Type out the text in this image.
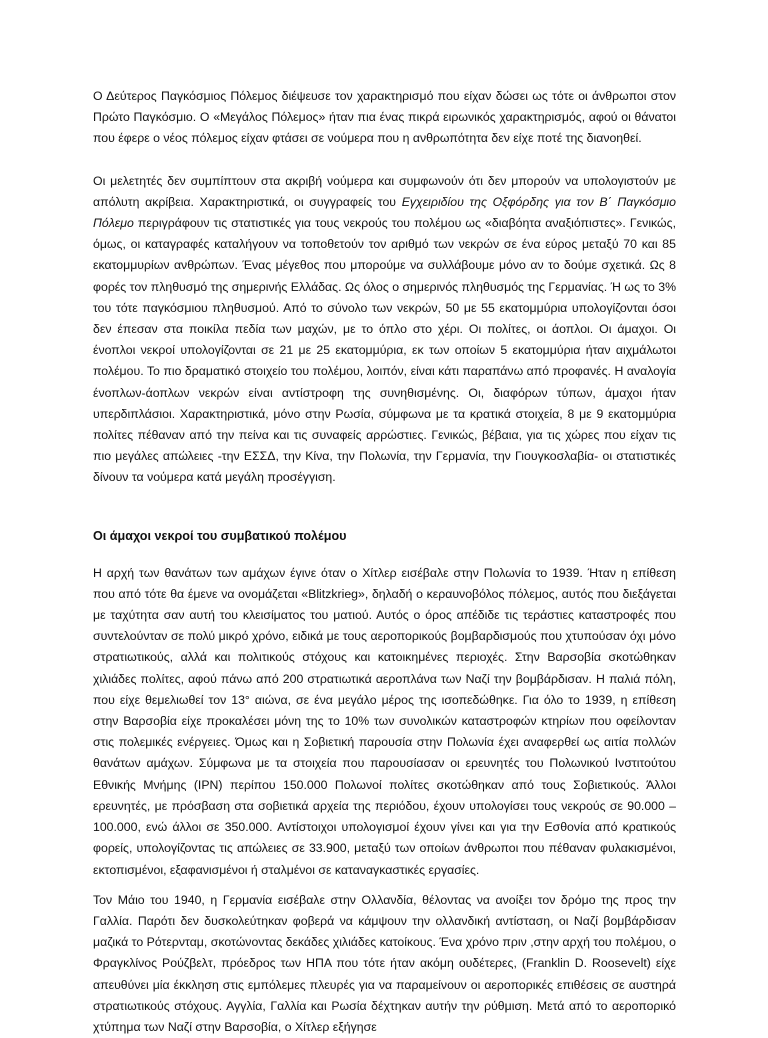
Ο Δεύτερος Παγκόσμιος Πόλεμος διέψευσε τον χαρακτηρισμό που είχαν δώσει ως τότε οι άνθρωποι στον Πρώτο Παγκόσμιο. Ο «Μεγάλος Πόλεμος» ήταν πια ένας πικρά ειρωνικός χαρακτηρισμός, αφού οι θάνατοι που έφερε ο νέος πόλεμος είχαν φτάσει σε νούμερα που η ανθρωπότητα δεν είχε ποτέ της διανοηθεί.

Οι μελετητές δεν συμπίπτουν στα ακριβή νούμερα και συμφωνούν ότι δεν μπορούν να υπολογιστούν με απόλυτη ακρίβεια. Χαρακτηριστικά, οι συγγραφείς του Εγχειριδίου της Οξφόρδης για τον Β΄ Παγκόσμιο Πόλεμο περιγράφουν τις στατιστικές για τους νεκρούς του πολέμου ως «διαβόητα αναξιόπιστες». Γενικώς, όμως, οι καταγραφές καταλήγουν να τοποθετούν τον αριθμό των νεκρών σε ένα εύρος μεταξύ 70 και 85 εκατομμυρίων ανθρώπων. Ένας μέγεθος που μπορούμε να συλλάβουμε μόνο αν το δούμε σχετικά. Ως 8 φορές τον πληθυσμό της σημερινής Ελλάδας. Ως όλος ο σημερινός πληθυσμός της Γερμανίας. Ή ως το 3% του τότε παγκόσμιου πληθυσμού. Από το σύνολο των νεκρών, 50 με 55 εκατομμύρια υπολογίζονται όσοι δεν έπεσαν στα ποικίλα πεδία των μαχών, με το όπλο στο χέρι. Οι πολίτες, οι άοπλοι. Οι άμαχοι. Οι ένοπλοι νεκροί υπολογίζονται σε 21 με 25 εκατομμύρια, εκ των οποίων 5 εκατομμύρια ήταν αιχμάλωτοι πολέμου. Το πιο δραματικό στοιχείο του πολέμου, λοιπόν, είναι κάτι παραπάνω από προφανές. Η αναλογία ένοπλων-άοπλων νεκρών είναι αντίστροφη της συνηθισμένης. Οι, διαφόρων τύπων, άμαχοι ήταν υπερδιπλάσιοι. Χαρακτηριστικά, μόνο στην Ρωσία, σύμφωνα με τα κρατικά στοιχεία, 8 με 9 εκατομμύρια πολίτες πέθαναν από την πείνα και τις συναφείς αρρώστιες. Γενικώς, βέβαια, για τις χώρες που είχαν τις πιο μεγάλες απώλειες -την ΕΣΣΔ, την Κίνα, την Πολωνία, την Γερμανία, την Γιουγκοσλαβία- οι στατιστικές δίνουν τα νούμερα κατά μεγάλη προσέγγιση.

Οι άμαχοι νεκροί του συμβατικού πολέμου

Η αρχή των θανάτων των αμάχων έγινε όταν ο Χίτλερ εισέβαλε στην Πολωνία το 1939. Ήταν η επίθεση που από τότε θα έμενε να ονομάζεται «Blitzkrieg», δηλαδή ο κεραυνοβόλος πόλεμος, αυτός που διεξάγεται με ταχύτητα σαν αυτή του κλεισίματος του ματιού. Αυτός ο όρος απέδιδε τις τεράστιες καταστροφές που συντελούνταν σε πολύ μικρό χρόνο, ειδικά με τους αεροπορικούς βομβαρδισμούς που χτυπούσαν όχι μόνο στρατιωτικούς, αλλά και πολιτικούς στόχους και κατοικημένες περιοχές. Στην Βαρσοβία σκοτώθηκαν χιλιάδες πολίτες, αφού πάνω από 200 στρατιωτικά αεροπλάνα των Ναζί την βομβάρδισαν. Η παλιά πόλη, που είχε θεμελιωθεί τον 13° αιώνα, σε ένα μεγάλο μέρος της ισοπεδώθηκε. Για όλο το 1939, η επίθεση στην Βαρσοβία είχε προκαλέσει μόνη της το 10% των συνολικών καταστροφών κτηρίων που οφείλονταν στις πολεμικές ενέργειες. Όμως και η Σοβιετική παρουσία στην Πολωνία έχει αναφερθεί ως αιτία πολλών θανάτων αμάχων. Σύμφωνα με τα στοιχεία που παρουσίασαν οι ερευνητές του Πολωνικού Ινστιτούτου Εθνικής Μνήμης (IPN) περίπου 150.000 Πολωνοί πολίτες σκοτώθηκαν από τους Σοβιετικούς. Άλλοι ερευνητές, με πρόσβαση στα σοβιετικά αρχεία της περιόδου, έχουν υπολογίσει τους νεκρούς σε 90.000 – 100.000, ενώ άλλοι σε 350.000. Αντίστοιχοι υπολογισμοί έχουν γίνει και για την Εσθονία από κρατικούς φορείς, υπολογίζοντας τις απώλειες σε 33.900, μεταξύ των οποίων άνθρωποι που πέθαναν φυλακισμένοι, εκτοπισμένοι, εξαφανισμένοι ή σταλμένοι σε καταναγκαστικές εργασίες.

Τον Μάιο του 1940, η Γερμανία εισέβαλε στην Ολλανδία, θέλοντας να ανοίξει τον δρόμο της προς την Γαλλία. Παρότι δεν δυσκολεύτηκαν φοβερά να κάμψουν την ολλανδική αντίσταση, οι Ναζί βομβάρδισαν μαζικά το Ρότερνταμ, σκοτώνοντας δεκάδες χιλιάδες κατοίκους. Ένα χρόνο πριν ,στην αρχή του πολέμου, ο Φραγκλίνος Ρούζβελτ, πρόεδρος των ΗΠΑ που τότε ήταν ακόμη ουδέτερες, (Franklin D. Roosevelt) είχε απευθύνει μία έκκληση στις εμπόλεμες πλευρές για να παραμείνουν οι αεροπορικές επιθέσεις σε αυστηρά στρατιωτικούς στόχους. Αγγλία, Γαλλία και Ρωσία δέχτηκαν αυτήν την ρύθμιση. Μετά από το αεροπορικό χτύπημα των Ναζί στην Βαρσοβία, ο Χίτλερ εξήγησε
